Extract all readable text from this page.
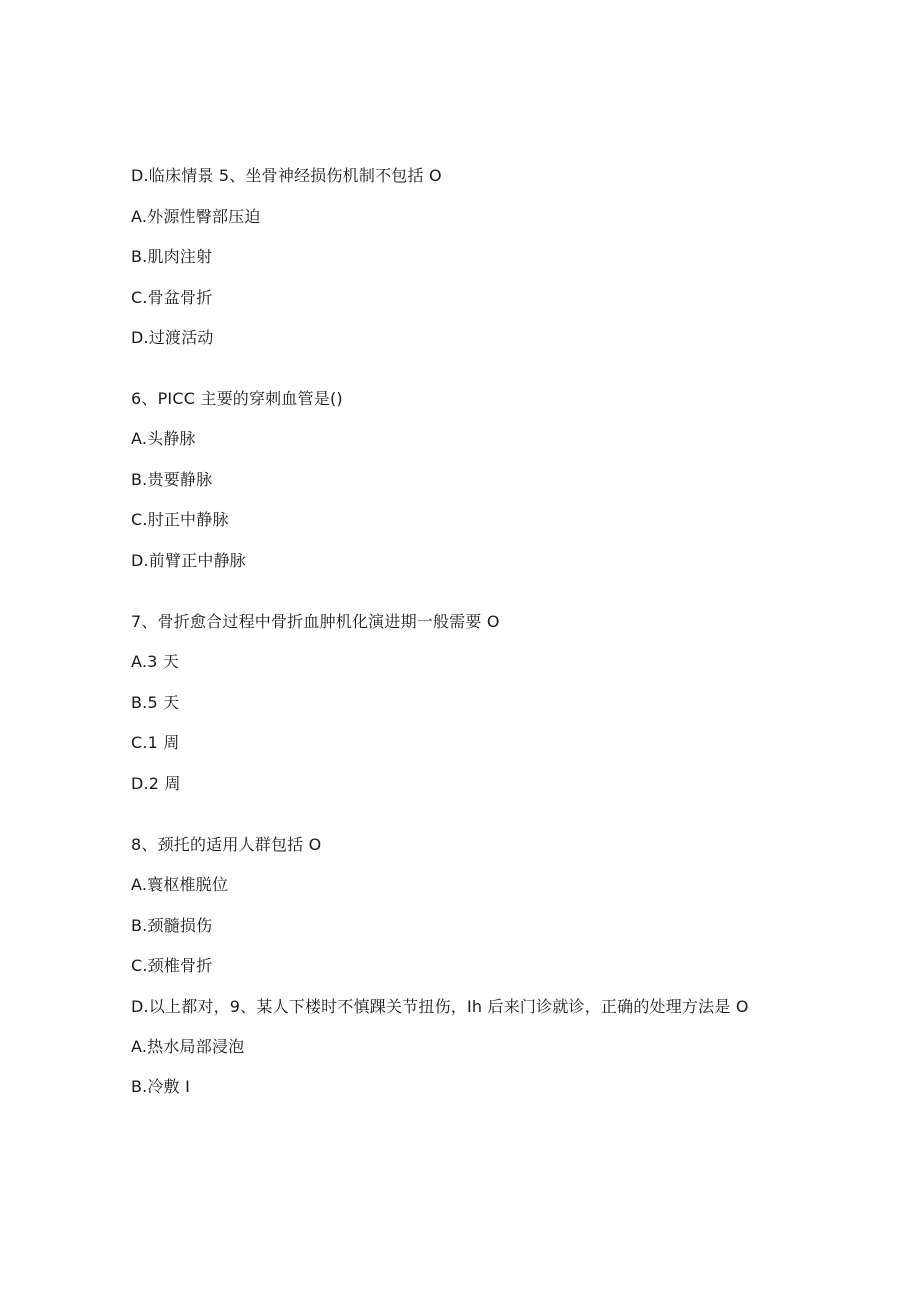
D.临床情景 5、坐骨神经损伤机制不包括 O
A.外源性臀部压迫
B.肌肉注射
C.骨盆骨折
D.过渡活动
6、PICC 主要的穿刺血管是()
A.头静脉
B.贵要静脉
C.肘正中静脉
D.前臂正中静脉
7、骨折愈合过程中骨折血肿机化演进期一般需要 O
A.3 天
B.5 天
C.1 周
D.2 周
8、颈托的适用人群包括 O
A.寰枢椎脱位
B.颈髓损伤
C.颈椎骨折
D.以上都对，9、某人下楼时不慎踝关节扭伤，Ih 后来门诊就诊，正确的处理方法是 O
A.热水局部浸泡
B.冷敷 I
